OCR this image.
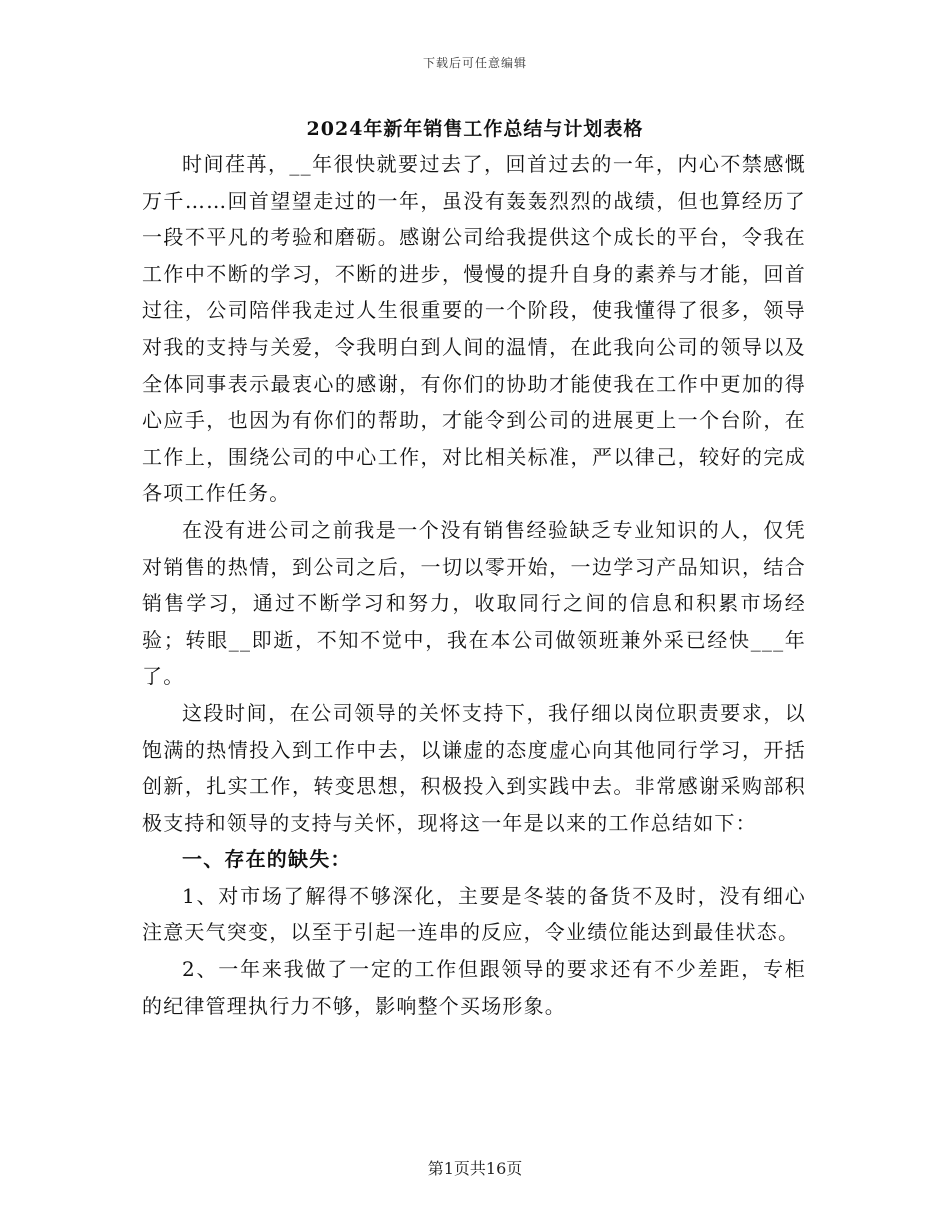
下载后可任意编辑
2024年新年销售工作总结与计划表格

时间荏苒，__年很快就要过去了，回首过去的一年，内心不禁感慨万千……回首望望走过的一年，虽没有轰轰烈烈的战绩，但也算经历了一段不平凡的考验和磨砺。感谢公司给我提供这个成长的平台，令我在工作中不断的学习，不断的进步，慢慢的提升自身的素养与才能，回首过往，公司陪伴我走过人生很重要的一个阶段，使我懂得了很多，领导对我的支持与关爱，令我明白到人间的温情，在此我向公司的领导以及全体同事表示最衷心的感谢，有你们的协助才能使我在工作中更加的得心应手，也因为有你们的帮助，才能令到公司的进展更上一个台阶，在工作上，围绕公司的中心工作，对比相关标准，严以律己，较好的完成各项工作任务。

在没有进公司之前我是一个没有销售经验缺乏专业知识的人，仅凭对销售的热情，到公司之后，一切以零开始，一边学习产品知识，结合销售学习，通过不断学习和努力，收取同行之间的信息和积累市场经验；转眼__即逝，不知不觉中，我在本公司做领班兼外采已经快___年了。

这段时间，在公司领导的关怀支持下，我仔细以岗位职责要求，以饱满的热情投入到工作中去，以谦虚的态度虚心向其他同行学习，开括创新，扎实工作，转变思想，积极投入到实践中去。非常感谢采购部积极支持和领导的支持与关怀，现将这一年是以来的工作总结如下：

一、存在的缺失：

1、对市场了解得不够深化，主要是冬装的备货不及时，没有细心注意天气突变，以至于引起一连串的反应，令业绩位能达到最佳状态。

2、一年来我做了一定的工作但跟领导的要求还有不少差距，专柜的纪律管理执行力不够，影响整个买场形象。

第1页共16页
